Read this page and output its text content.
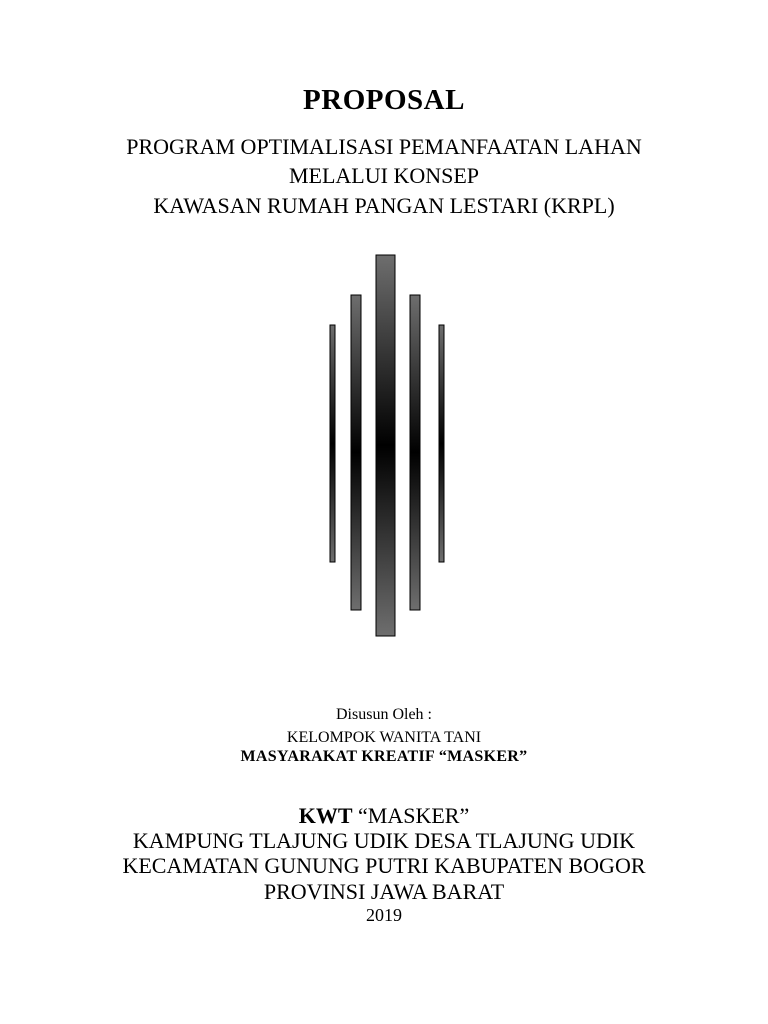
PROPOSAL

PROGRAM OPTIMALISASI PEMANFAATAN LAHAN

MELALUI KONSEP

KAWASAN RUMAH PANGAN LESTARI (KRPL)

Disusun Oleh :

KELOMPOK WANITA TANI

MASYARAKAT KREATIF “MASKER”

KWT “MASKER”

KAMPUNG TLAJUNG UDIK DESA TLAJUNG UDIK

KECAMATAN GUNUNG PUTRI KABUPATEN BOGOR

PROVINSI JAWA BARAT

2019
